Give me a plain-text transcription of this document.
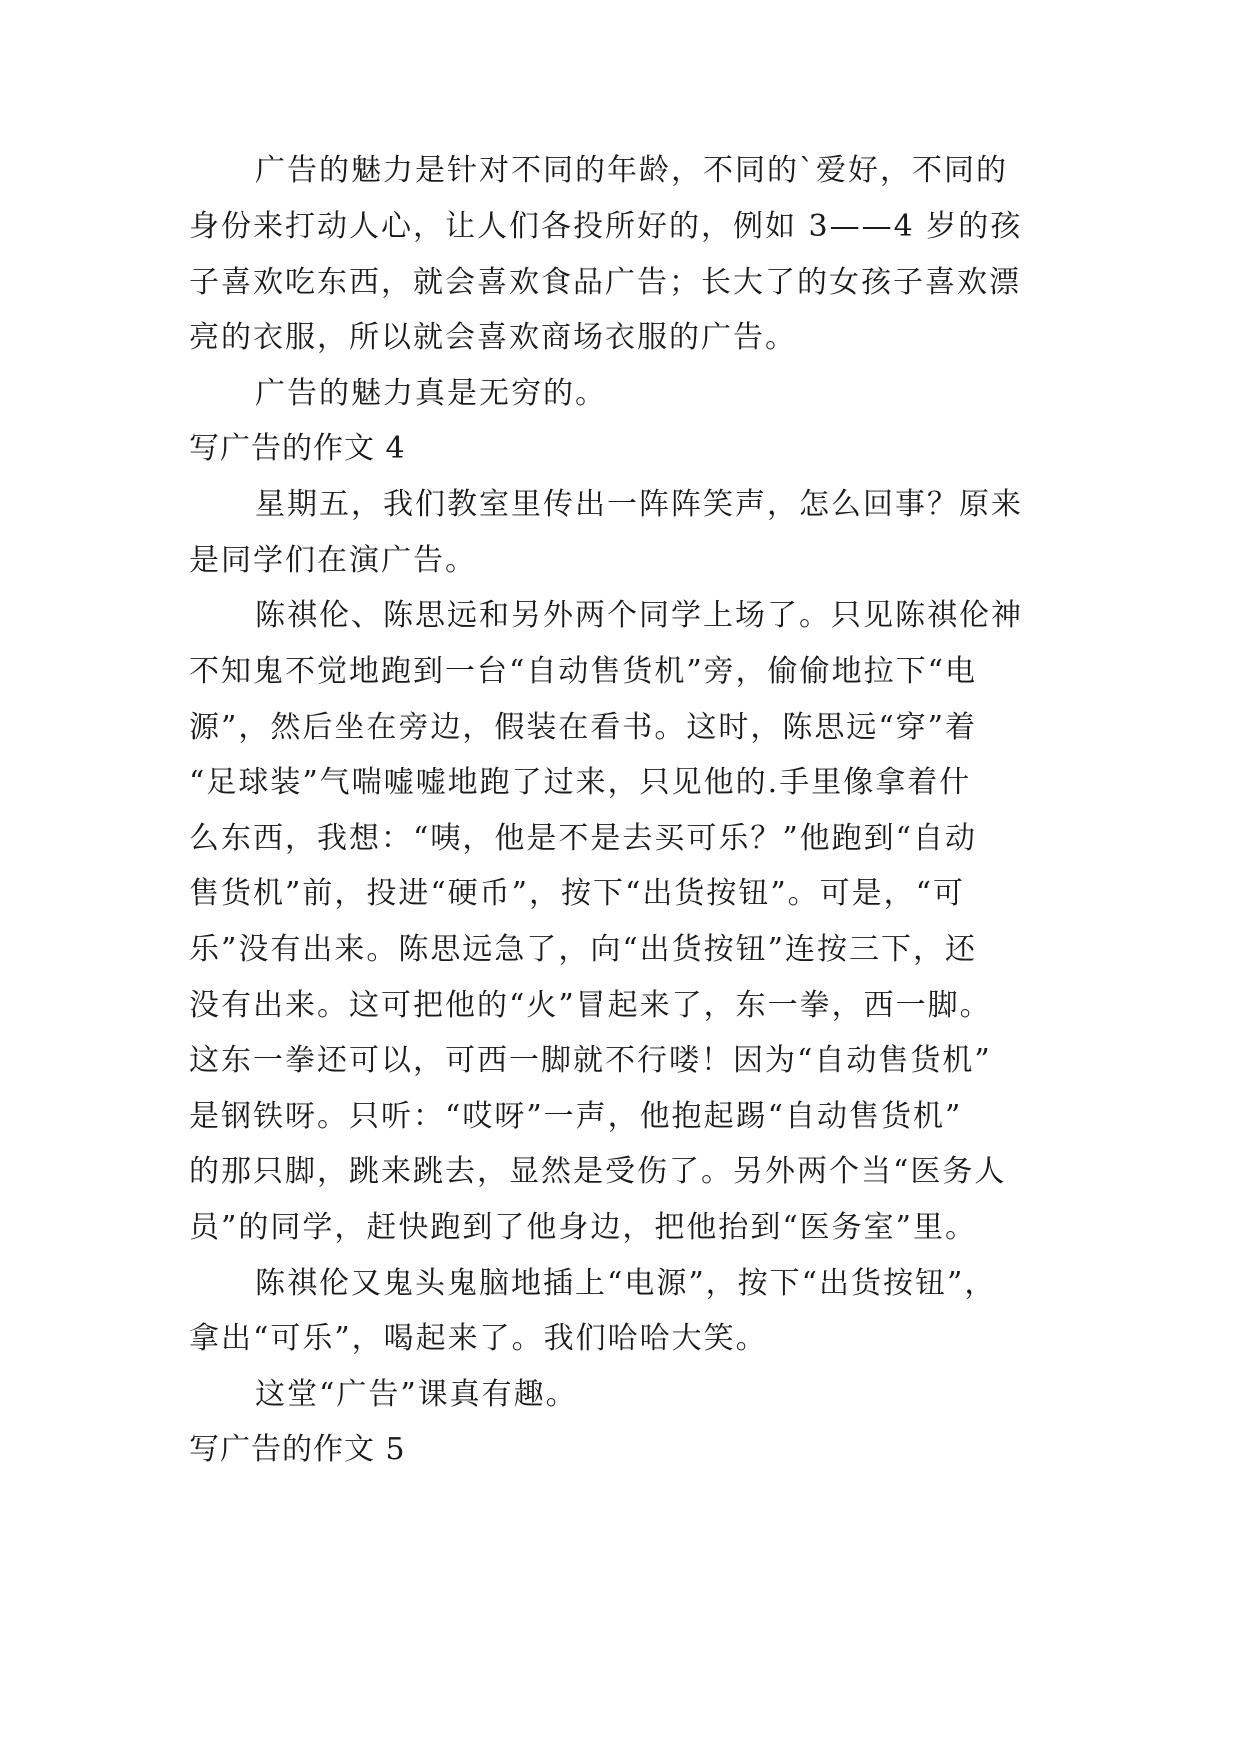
广告的魅力是针对不同的年龄，不同的`爱好，不同的
身份来打动人心，让人们各投所好的，例如 3——4 岁的孩
子喜欢吃东西，就会喜欢食品广告；长大了的女孩子喜欢漂
亮的衣服，所以就会喜欢商场衣服的广告。
广告的魅力真是无穷的。
写广告的作文 4
星期五，我们教室里传出一阵阵笑声，怎么回事？原来
是同学们在演广告。
陈祺伦、陈思远和另外两个同学上场了。只见陈祺伦神
不知鬼不觉地跑到一台“自动售货机”旁，偷偷地拉下“电
源”，然后坐在旁边，假装在看书。这时，陈思远“穿”着
“足球装”气喘嘘嘘地跑了过来，只见他的.手里像拿着什
么东西，我想：“咦，他是不是去买可乐？”他跑到“自动
售货机”前，投进“硬币”，按下“出货按钮”。可是，“可
乐”没有出来。陈思远急了，向“出货按钮”连按三下，还
没有出来。这可把他的“火”冒起来了，东一拳，西一脚。
这东一拳还可以，可西一脚就不行喽！因为“自动售货机”
是钢铁呀。只听：“哎呀”一声，他抱起踢“自动售货机”
的那只脚，跳来跳去，显然是受伤了。另外两个当“医务人
员”的同学，赶快跑到了他身边，把他抬到“医务室”里。
陈祺伦又鬼头鬼脑地插上“电源”，按下“出货按钮”，
拿出“可乐”，喝起来了。我们哈哈大笑。
这堂“广告”课真有趣。
写广告的作文 5
